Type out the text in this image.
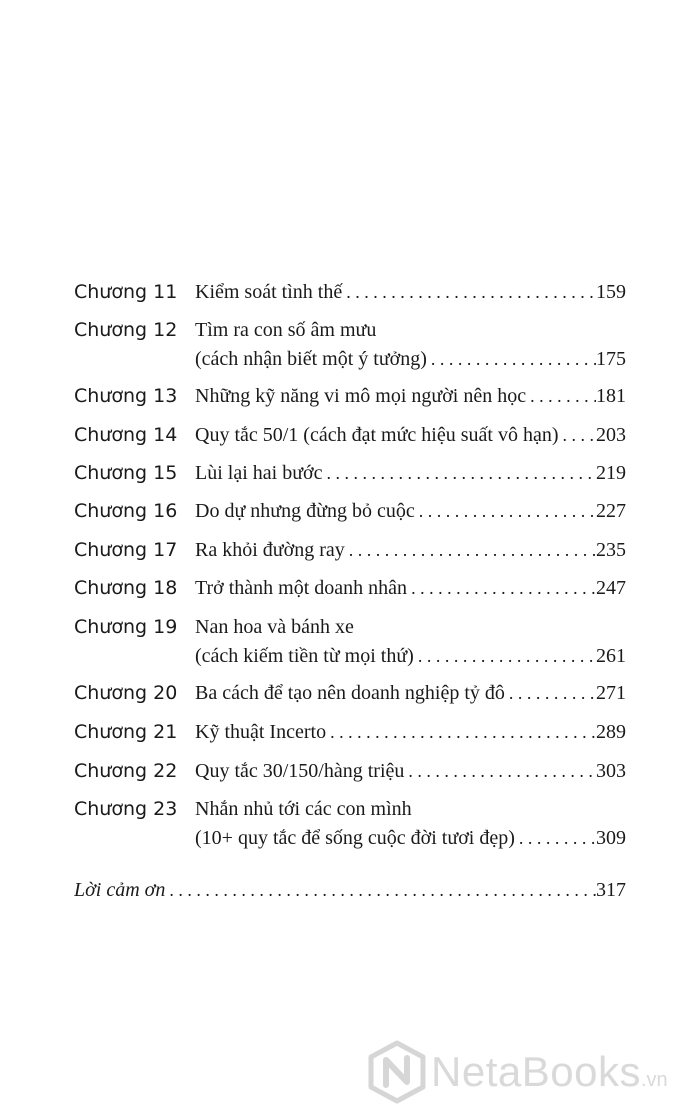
Chương 11 Kiểm soát tình thế . . .	159
Chương 12 Tìm ra con số âm mưu
(cách nhận biết một ý tưởng) . . .	175
Chương 13 Những kỹ năng vi mô mọi người nên học . . .	181
Chương 14 Quy tắc 50/1 (cách đạt mức hiệu suất vô hạn) . . . 203
Chương 15 Lùi lại hai bước . . .	219
Chương 16 Do dự nhưng đừng bỏ cuộc . . .	227
Chương 17 Ra khỏi đường ray . . .	235
Chương 18 Trở thành một doanh nhân . . .	247
Chương 19 Nan hoa và bánh xe
(cách kiếm tiền từ mọi thứ) . . .	261
Chương 20 Ba cách để tạo nên doanh nghiệp tỷ đô . . .	271
Chương 21 Kỹ thuật Incerto . . .	289
Chương 22 Quy tắc 30/150/hàng triệu . . .	303
Chương 23 Nhắn nhủ tới các con mình
(10+ quy tắc để sống cuộc đời tươi đẹp) . . .	309
Lời cảm ơn . . .	317
NetaBooks.vn
